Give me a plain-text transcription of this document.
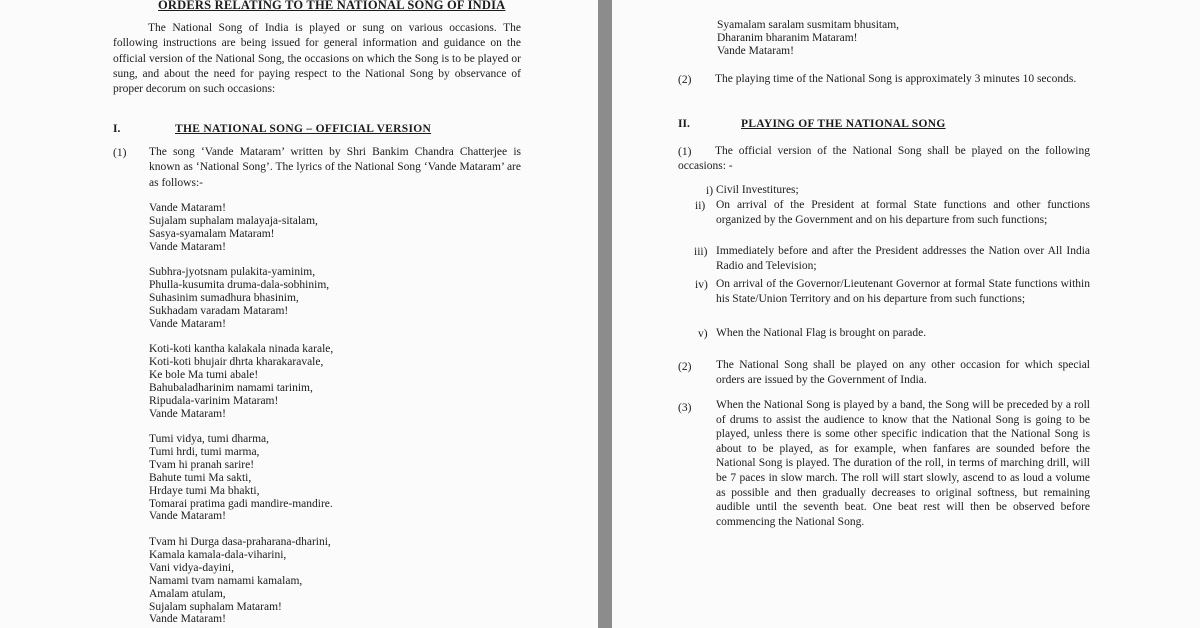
ORDERS RELATING TO THE NATIONAL SONG OF INDIA
The National Song of India is played or sung on various occasions. The following instructions are being issued for general information and guidance on the official version of the National Song, the occasions on which the Song is to be played or sung, and about the need for paying respect to the National Song by observance of proper decorum on such occasions:
I.	THE NATIONAL SONG – OFFICIAL VERSION
(1) The song ‘Vande Mataram’ written by Shri Bankim Chandra Chatterjee is known as ‘National Song’. The lyrics of the National Song ‘Vande Mataram’ are as follows:-
Vande Mataram!
Sujalam suphalam malayaja-sitalam,
Sasya-syamalam Mataram!
Vande Mataram!
Subhra-jyotsnam pulakita-yaminim,
Phulla-kusumita druma-dala-sobhinim,
Suhasinim sumadhura bhasinim,
Sukhadam varadam Mataram!
Vande Mataram!
Koti-koti kantha kalakala ninada karale,
Koti-koti bhujair dhrta kharakaravale,
Ke bole Ma tumi abale!
Bahubaladharinim namami tarinim,
Ripudala-varinim Mataram!
Vande Mataram!
Tumi vidya, tumi dharma,
Tumi hrdi, tumi marma,
Tvam hi pranah sarire!
Bahute tumi Ma sakti,
Hrdaye tumi Ma bhakti,
Tomarai pratima gadi mandire-mandire.
Vande Mataram!
Tvam hi Durga dasa-praharana-dharini,
Kamala kamala-dala-viharini,
Vani vidya-dayini,
Namami tvam namami kamalam,
Amalam atulam,
Sujalam suphalam Mataram!
Vande Mataram!
Syamalam saralam susmitam bhusitam,
Dharanim bharanim Mataram!
Vande Mataram!
(2)	The playing time of the National Song is approximately 3 minutes 10 seconds.
II.	PLAYING OF THE NATIONAL SONG
The official version of the National Song shall be played on the following occasions: -
(1)
i) Civil Investitures;
ii) On arrival of the President at formal State functions and other functions organized by the Government and on his departure from such functions;
iii) Immediately before and after the President addresses the Nation over All India Radio and Television;
iv) On arrival of the Governor/Lieutenant Governor at formal State functions within his State/Union Territory and on his departure from such functions;
v) When the National Flag is brought on parade.
(2) The National Song shall be played on any other occasion for which special orders are issued by the Government of India.
(3) When the National Song is played by a band, the Song will be preceded by a roll of drums to assist the audience to know that the National Song is going to be played, unless there is some other specific indication that the National Song is about to be played, as for example, when fanfares are sounded before the National Song is played. The duration of the roll, in terms of marching drill, will be 7 paces in slow march. The roll will start slowly, ascend to as loud a volume as possible and then gradually decreases to original softness, but remaining audible until the seventh beat. One beat rest will then be observed before commencing the National Song.
